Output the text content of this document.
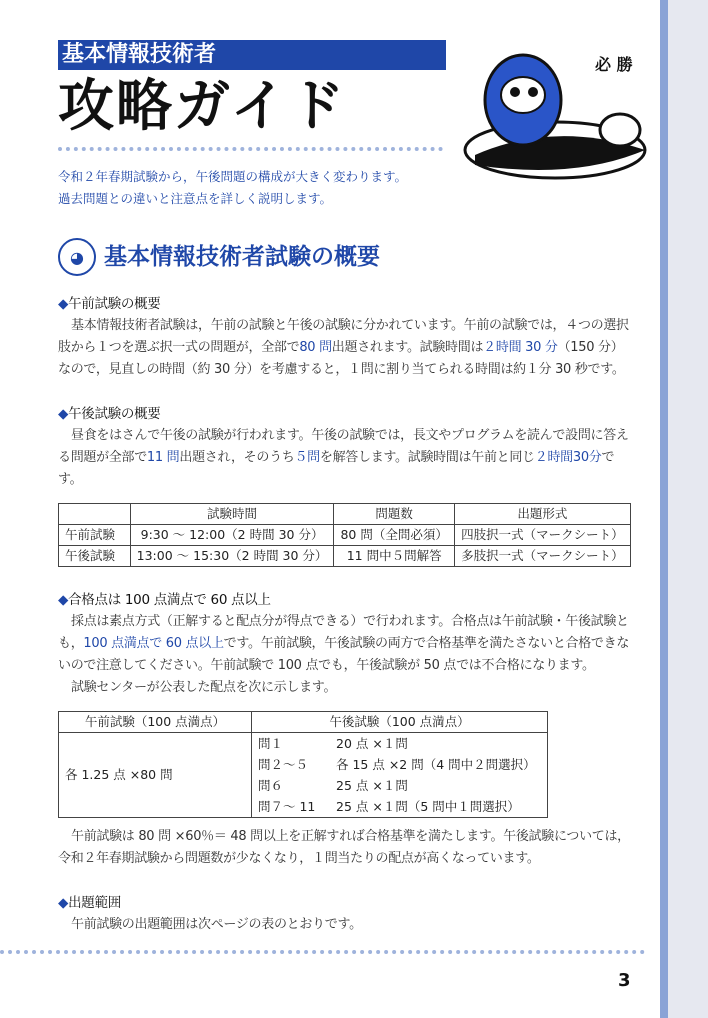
基本情報技術者
攻略ガイド
必 勝
令和２年春期試験から，午後問題の構成が大きく変わります。
過去問題との違いと注意点を詳しく説明します。
◕ 基本情報技術者試験の概要
◆午前試験の概要

基本情報技術者試験は，午前の試験と午後の試験に分かれています。午前の試験では，４つの選択肢から１つを選ぶ択一式の問題が，全部で80 問出題されます。試験時間は２時間 30 分（150 分）なので，見直しの時間（約 30 分）を考慮すると，１問に割り当てられる時間は約１分 30 秒です。

◆午後試験の概要

昼食をはさんで午後の試験が行われます。午後の試験では，長文やプログラムを読んで設問に答える問題が全部で11 問出題され，そのうち５問を解答します。試験時間は午前と同じ２時間30分です。

	試験時間	問題数	出題形式
午前試験	9:30 ～ 12:00（2 時間 30 分）	80 問（全問必須）	四肢択一式（マークシート）
午後試験	13:00 ～ 15:30（2 時間 30 分）	11 問中５問解答	多肢択一式（マークシート）
◆合格点は 100 点満点で 60 点以上

採点は素点方式（正解すると配点分が得点できる）で行われます。合格点は午前試験・午後試験とも，100 点満点で 60 点以上です。午前試験，午後試験の両方で合格基準を満たさないと合格できないので注意してください。午前試験で 100 点でも，午後試験が 50 点では不合格になります。

試験センターが公表した配点を次に示します。

午前試験（100 点満点）	午後試験（100 点満点）
各 1.25 点 ×80 問	
問１	20 点 ×１問
問２～５	各 15 点 ×2 問（4 問中２問選択）
問６	25 点 ×１問
問７～ 11	25 点 ×１問（5 問中１問選択）

午前試験は 80 問 ×60％＝ 48 問以上を正解すれば合格基準を満たします。午後試験については，令和２年春期試験から問題数が少なくなり，１問当たりの配点が高くなっています。

◆出題範囲

午前試験の出題範囲は次ページの表のとおりです。

3
